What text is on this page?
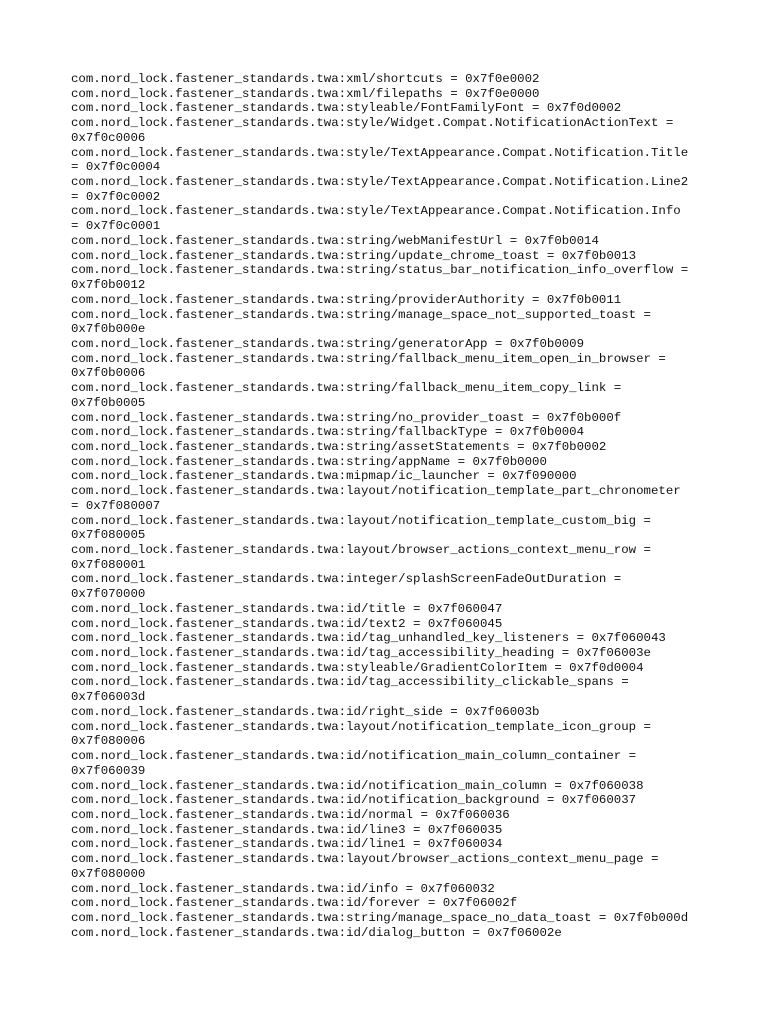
com.nord_lock.fastener_standards.twa:xml/shortcuts = 0x7f0e0002
com.nord_lock.fastener_standards.twa:xml/filepaths = 0x7f0e0000
com.nord_lock.fastener_standards.twa:styleable/FontFamilyFont = 0x7f0d0002
com.nord_lock.fastener_standards.twa:style/Widget.Compat.NotificationActionText =
0x7f0c0006
com.nord_lock.fastener_standards.twa:style/TextAppearance.Compat.Notification.Title
= 0x7f0c0004
com.nord_lock.fastener_standards.twa:style/TextAppearance.Compat.Notification.Line2
= 0x7f0c0002
com.nord_lock.fastener_standards.twa:style/TextAppearance.Compat.Notification.Info
= 0x7f0c0001
com.nord_lock.fastener_standards.twa:string/webManifestUrl = 0x7f0b0014
com.nord_lock.fastener_standards.twa:string/update_chrome_toast = 0x7f0b0013
com.nord_lock.fastener_standards.twa:string/status_bar_notification_info_overflow =
0x7f0b0012
com.nord_lock.fastener_standards.twa:string/providerAuthority = 0x7f0b0011
com.nord_lock.fastener_standards.twa:string/manage_space_not_supported_toast =
0x7f0b000e
com.nord_lock.fastener_standards.twa:string/generatorApp = 0x7f0b0009
com.nord_lock.fastener_standards.twa:string/fallback_menu_item_open_in_browser =
0x7f0b0006
com.nord_lock.fastener_standards.twa:string/fallback_menu_item_copy_link =
0x7f0b0005
com.nord_lock.fastener_standards.twa:string/no_provider_toast = 0x7f0b000f
com.nord_lock.fastener_standards.twa:string/fallbackType = 0x7f0b0004
com.nord_lock.fastener_standards.twa:string/assetStatements = 0x7f0b0002
com.nord_lock.fastener_standards.twa:string/appName = 0x7f0b0000
com.nord_lock.fastener_standards.twa:mipmap/ic_launcher = 0x7f090000
com.nord_lock.fastener_standards.twa:layout/notification_template_part_chronometer
= 0x7f080007
com.nord_lock.fastener_standards.twa:layout/notification_template_custom_big =
0x7f080005
com.nord_lock.fastener_standards.twa:layout/browser_actions_context_menu_row =
0x7f080001
com.nord_lock.fastener_standards.twa:integer/splashScreenFadeOutDuration =
0x7f070000
com.nord_lock.fastener_standards.twa:id/title = 0x7f060047
com.nord_lock.fastener_standards.twa:id/text2 = 0x7f060045
com.nord_lock.fastener_standards.twa:id/tag_unhandled_key_listeners = 0x7f060043
com.nord_lock.fastener_standards.twa:id/tag_accessibility_heading = 0x7f06003e
com.nord_lock.fastener_standards.twa:styleable/GradientColorItem = 0x7f0d0004
com.nord_lock.fastener_standards.twa:id/tag_accessibility_clickable_spans =
0x7f06003d
com.nord_lock.fastener_standards.twa:id/right_side = 0x7f06003b
com.nord_lock.fastener_standards.twa:layout/notification_template_icon_group =
0x7f080006
com.nord_lock.fastener_standards.twa:id/notification_main_column_container =
0x7f060039
com.nord_lock.fastener_standards.twa:id/notification_main_column = 0x7f060038
com.nord_lock.fastener_standards.twa:id/notification_background = 0x7f060037
com.nord_lock.fastener_standards.twa:id/normal = 0x7f060036
com.nord_lock.fastener_standards.twa:id/line3 = 0x7f060035
com.nord_lock.fastener_standards.twa:id/line1 = 0x7f060034
com.nord_lock.fastener_standards.twa:layout/browser_actions_context_menu_page =
0x7f080000
com.nord_lock.fastener_standards.twa:id/info = 0x7f060032
com.nord_lock.fastener_standards.twa:id/forever = 0x7f06002f
com.nord_lock.fastener_standards.twa:string/manage_space_no_data_toast = 0x7f0b000d
com.nord_lock.fastener_standards.twa:id/dialog_button = 0x7f06002e
